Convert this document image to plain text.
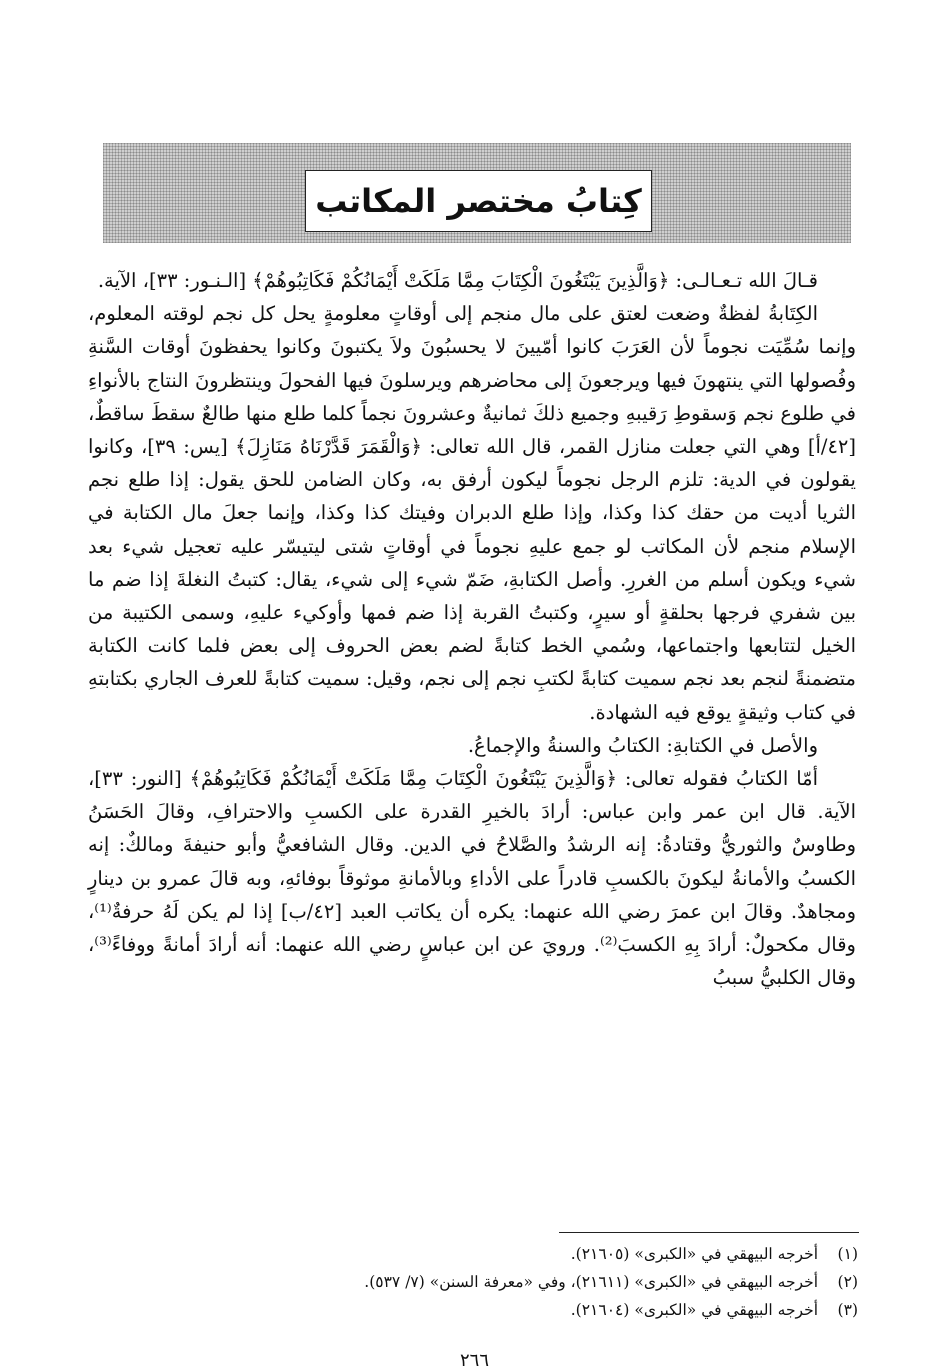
كِتابُ مختصر المكاتب

قـالَ الله تـعـالـى: ﴿وَالَّذِينَ يَبْتَغُونَ الْكِتَابَ مِمَّا مَلَكَتْ أَيْمَانُكُمْ فَكَاتِبُوهُمْ﴾ [الـنـور: ٣٣]، الآية.

الكِتَابةُ لفظةٌ وضعت لعتق على مال منجم إلى أوقاتٍ معلومةٍ يحل كل نجم لوقته المعلوم، وإنما سُمِّيَت نجوماً لأن العَرَبَ كانوا أمّيينَ لا يحسبُونَ ولاَ يكتبونَ وكانوا يحفظونَ أوقات السَّنةِ وفُصولها التي ينتهونَ فيها ويرجعونَ إلى محاضرهم ويرسلونَ فيها الفحولَ وينتظرونَ النتاج بالأنواءِ في طلوع نجم وَسقوطِ رَقيبهِ وجميع ذلكَ ثمانيةٌ وعشرونَ نجماً كلما طلع منها طالعٌ سقطَ ساقطٌ، [٤٢/أ] وهي التي جعلت منازل القمر، قال الله تعالى: ﴿وَالْقَمَرَ قَدَّرْنَاهُ مَنَازِلَ﴾ [يس: ٣٩]، وكانوا يقولون في الدية: تلزم الرجل نجوماً ليكون أرفق به، وكان الضامن للحق يقول: إذا طلع نجم الثريا أديت من حقك كذا وكذا، وإذا طلع الدبران وفيتك كذا وكذا، وإنما جعلَ مال الكتابة في الإسلام منجم لأن المكاتب لو جمع عليهِ نجوماً في أوقاتٍ شتى ليتيسّر عليه تعجيل شيء بعد شيء ويكون أسلم من الغررِ. وأصل الكتابةِ، ضَمّ شيء إلى شيء، يقال: كتبتُ النغلةَ إذا ضم ما بين شفري فرجها بحلقةٍ أو سيرٍ، وكتبتُ القربة إذا ضم فمها وأوكيء عليهِ، وسمى الكتيبة من الخيل لتتابعها واجتماعها، وسُمي الخط كتابةً لضم بعض الحروف إلى بعض فلما كانت الكتابة متضمنةً لنجم بعد نجم سميت كتابةً لكتبِ نجم إلى نجم، وقيل: سميت كتابةً للعرف الجاري بكتابتهِ في كتاب وثيقةٍ يوقع فيه الشهادة.

والأصل في الكتابةِ: الكتابُ والسنةُ والإجماعُ.

أمّا الكتابُ فقوله تعالى: ﴿وَالَّذِينَ يَبْتَغُونَ الْكِتَابَ مِمَّا مَلَكَتْ أَيْمَانُكُمْ فَكَاتِبُوهُمْ﴾ [النور: ٣٣]، الآية. قال ابن عمر وابن عباس: أرادَ بالخيرِ القدرة على الكسبِ والاحترافِ، وقالَ الحَسَنُ وطاوسٌ والثوريُّ وقتادةُ: إنه الرشدُ والصَّلاحُ في الدين. وقال الشافعيُّ وأبو حنيفةَ ومالكٌ: إنه الكسبُ والأمانةُ ليكونَ بالكسبِ قادراً على الأداءِ وبالأمانةِ موثوقاً بوفائهِ، وبه قالَ عمرو بن دينارٍ ومجاهدٌ. وقالَ ابن عمرَ رضي الله عنهما: يكره أن يكاتب العبد [٤٢/ب] إذا لم يكن لَهُ حرفةٌ⁽¹⁾، وقال مكحولٌ: أرادَ بِهِ الكسبَ⁽²⁾. ورويَ عن ابن عباسٍ رضي الله عنهما: أنه أرادَ أمانةً ووفاءً⁽³⁾، وقال الكلبيُّ سببُ

(١)
أخرجه البيهقي في «الكبرى» (٢١٦٠٥).
(٢)
أخرجه البيهقي في «الكبرى» (٢١٦١١)، وفي «معرفة السنن» (٧/ ٥٣٧).
(٣)
أخرجه البيهقي في «الكبرى» (٢١٦٠٤).
٢٦٦
